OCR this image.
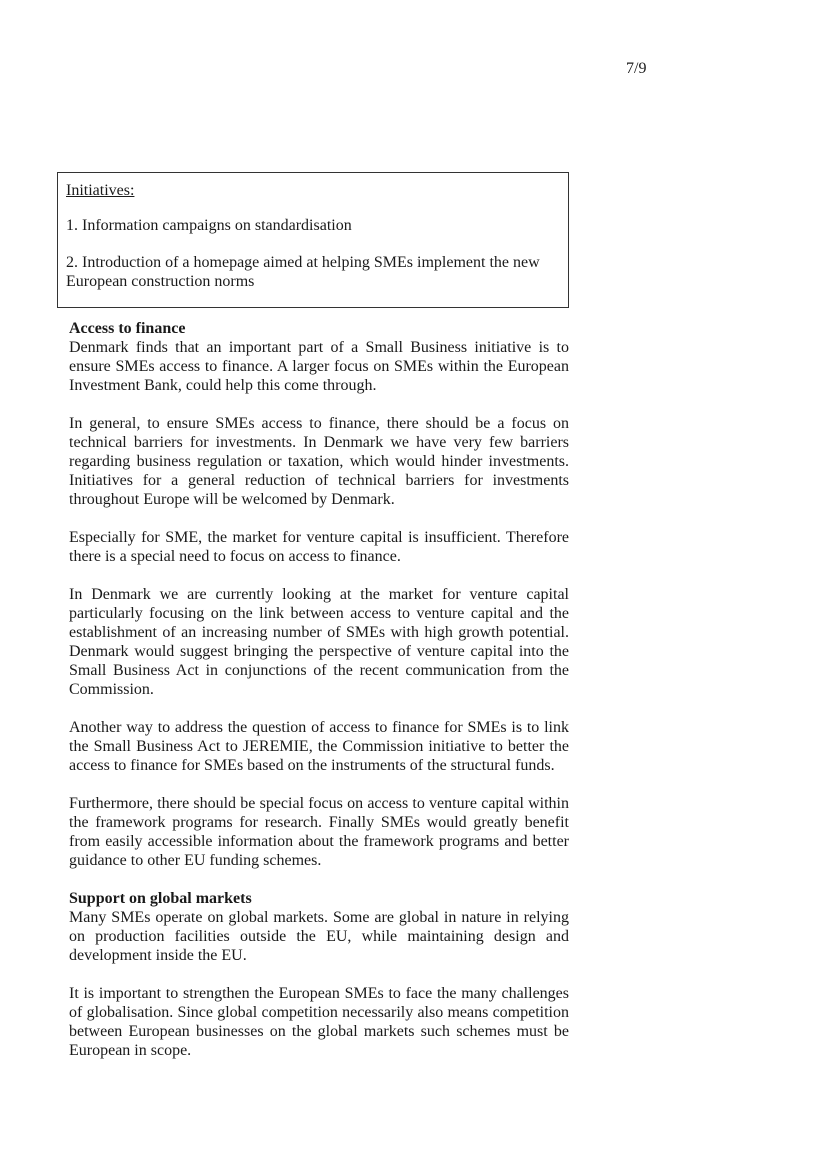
7/9
Initiatives:

1. Information campaigns on standardisation

2. Introduction of a homepage aimed at helping SMEs implement the new European construction norms

Access to finance

Denmark finds that an important part of a Small Business initiative is to ensure SMEs access to finance. A larger focus on SMEs within the European Investment Bank, could help this come through.

In general, to ensure SMEs access to finance, there should be a focus on technical barriers for investments. In Denmark we have very few barriers regarding business regulation or taxation, which would hinder investments. Initiatives for a general reduction of technical barriers for investments throughout Europe will be welcomed by Denmark.

Especially for SME, the market for venture capital is insufficient. Therefore there is a special need to focus on access to finance.

In Denmark we are currently looking at the market for venture capital particularly focusing on the link between access to venture capital and the establishment of an increasing number of SMEs with high growth potential. Denmark would suggest bringing the perspective of venture capital into the Small Business Act in conjunctions of the recent communication from the Commission.

Another way to address the question of access to finance for SMEs is to link the Small Business Act to JEREMIE, the Commission initiative to better the access to finance for SMEs based on the instruments of the structural funds.

Furthermore, there should be special focus on access to venture capital within the framework programs for research. Finally SMEs would greatly benefit from easily accessible information about the framework programs and better guidance to other EU funding schemes.

Support on global markets

Many SMEs operate on global markets. Some are global in nature in relying on production facilities outside the EU, while maintaining design and development inside the EU.

It is important to strengthen the European SMEs to face the many challenges of globalisation. Since global competition necessarily also means competition between European businesses on the global markets such schemes must be European in scope.
